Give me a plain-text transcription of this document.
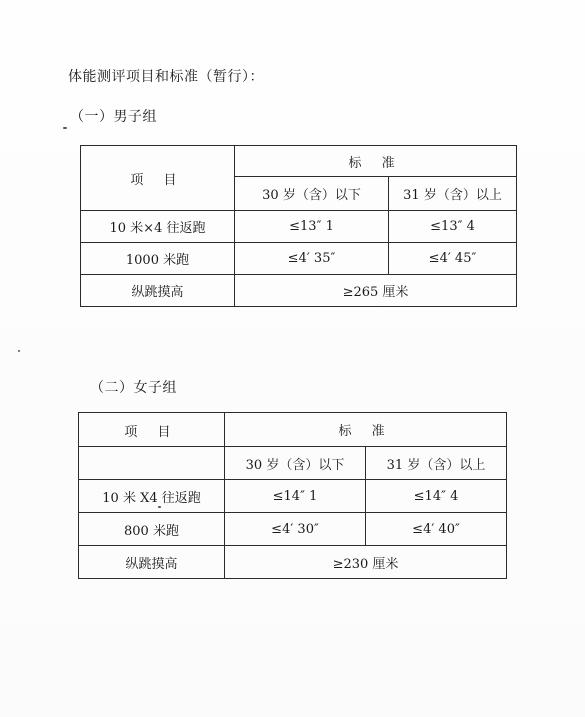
体能测评项目和标准（暂行）：
（一）男子组
项 目	标 准	
	30 岁（含）以下	31 岁（含）以上
10 米×4 往返跑	≤13″ 1	≤13″ 4
1000 米跑	≤4′ 35″	≤4′ 45″
纵跳摸高	≥265 厘米	
（二）女子组
项 目	标 准	
	30 岁（含）以下	31 岁（含）以上
10 米 X4 往返跑	≤14″ 1	≤14″ 4
800 米跑	≤4′ 30″	≤4′ 40″
纵跳摸高	≥230 厘米	
